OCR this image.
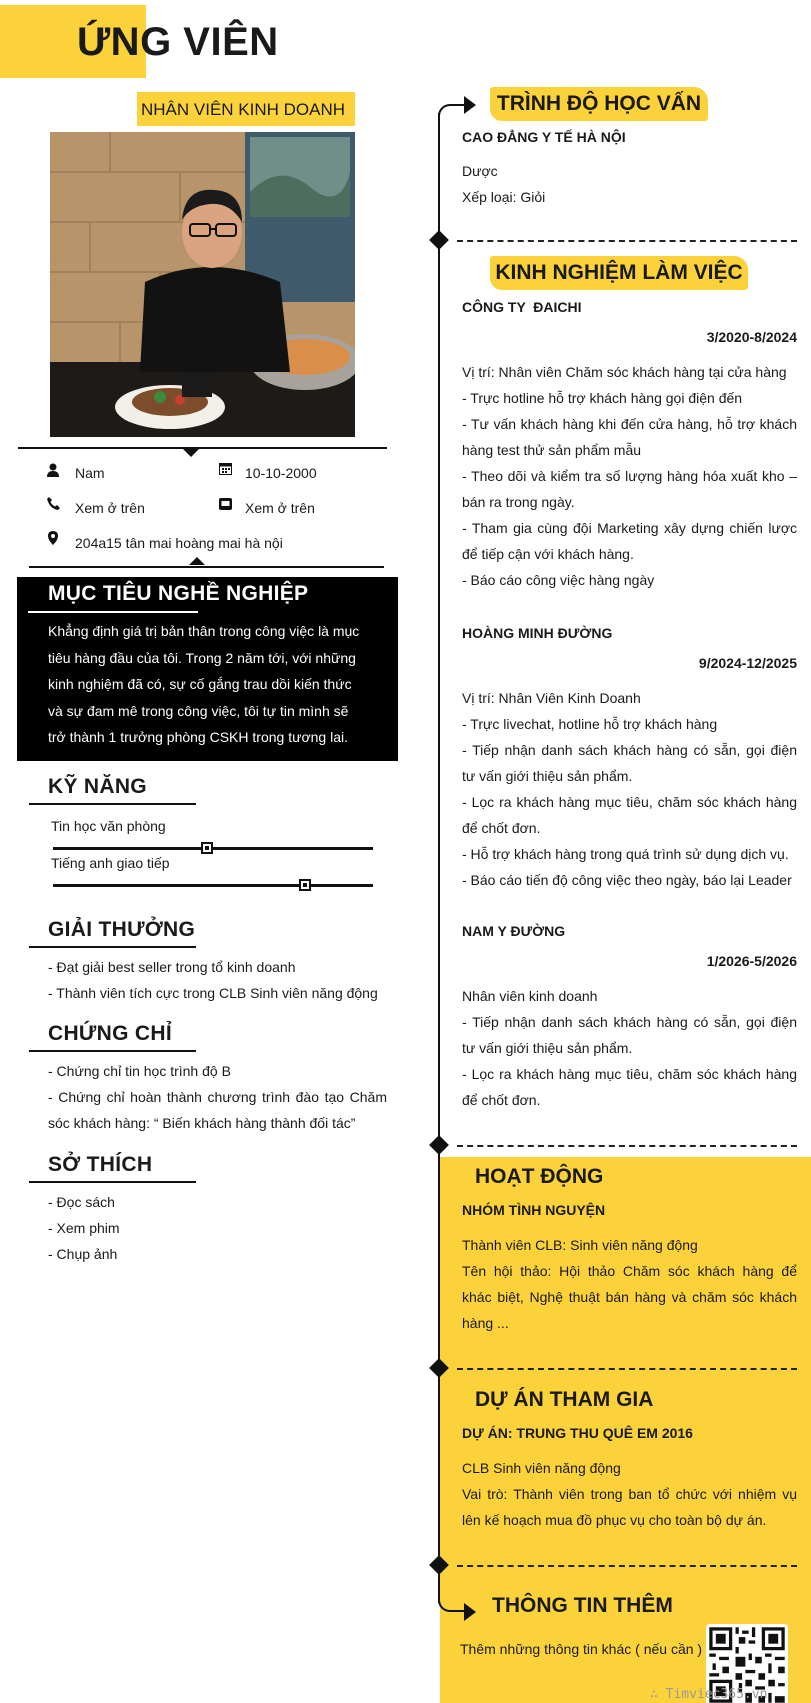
ỨNG VIÊN
NHÂN VIÊN KINH DOANH
Nam	10-10-2000
Xem ở trên	Xem ở trên
204a15 tân mai hoàng mai hà nội
MỤC TIÊU NGHỀ NGHIỆP
Khẳng định giá trị bản thân trong công việc là mục
tiêu hàng đầu của tôi. Trong 2 năm tới, với những
kinh nghiệm đã có, sự cố gắng trau dồi kiến thức
và sự đam mê trong công việc, tôi tự tin mình sẽ
trở thành 1 trưởng phòng CSKH trong tương lai.
KỸ NĂNG
Tin học văn phòng
Tiếng anh giao tiếp
GIẢI THƯỞNG
- Đạt giải best seller trong tổ kinh doanh
- Thành viên tích cực trong CLB Sinh viên năng động
CHỨNG CHỈ
- Chứng chỉ tin học trình độ B
- Chứng chỉ hoàn thành chương trình đào tạo Chăm
sóc khách hàng: “ Biến khách hàng thành đối tác”
SỞ THÍCH
- Đọc sách
- Xem phim
- Chụp ảnh
TRÌNH ĐỘ HỌC VẤN
CAO ĐẲNG Y TẾ HÀ NỘI
Dược
Xếp loại: Giỏi
KINH NGHIỆM LÀM VIỆC
CÔNG TY  ĐAICHI
3/2020-8/2024
Vị trí: Nhân viên Chăm sóc khách hàng tại cửa hàng
- Trực hotline hỗ trợ khách hàng gọi điện đến
- Tư vấn khách hàng khi đến cửa hàng, hỗ trợ khách
hàng test thử sản phẩm mẫu
- Theo dõi và kiểm tra số lượng hàng hóa xuất kho –
bán ra trong ngày.
- Tham gia cùng đội Marketing xây dựng chiến lược
để tiếp cận với khách hàng.
- Báo cáo công việc hàng ngày
HOÀNG MINH ĐƯỜNG
9/2024-12/2025
Vị trí: Nhân Viên Kinh Doanh
- Trực livechat, hotline hỗ trợ khách hàng
- Tiếp nhận danh sách khách hàng có sẵn, gọi điện
tư vấn giới thiệu sản phẩm.
- Lọc ra khách hàng mục tiêu, chăm sóc khách hàng
để chốt đơn.
- Hỗ trợ khách hàng trong quá trình sử dụng dịch vụ.
- Báo cáo tiến độ công việc theo ngày, báo lại Leader
NAM Y ĐƯỜNG
1/2026-5/2026
Nhân viên kinh doanh
- Tiếp nhận danh sách khách hàng có sẵn, gọi điện
tư vấn giới thiệu sản phẩm.
- Lọc ra khách hàng mục tiêu, chăm sóc khách hàng
để chốt đơn.
HOẠT ĐỘNG
NHÓM TÌNH NGUYỆN
Thành viên CLB: Sinh viên năng động
Tên hội thảo: Hội thảo Chăm sóc khách hàng để
khác biệt, Nghệ thuật bán hàng và chăm sóc khách
hàng ...
DỰ ÁN THAM GIA
DỰ ÁN: TRUNG THU QUÊ EM 2016
CLB Sinh viên năng động
Vai trò: Thành viên trong ban tổ chức với nhiệm vụ
lên kế hoạch mua đồ phục vụ cho toàn bộ dự án.
THÔNG TIN THÊM
Thêm những thông tin khác ( nếu cần )
∴ Timviec365.vn
